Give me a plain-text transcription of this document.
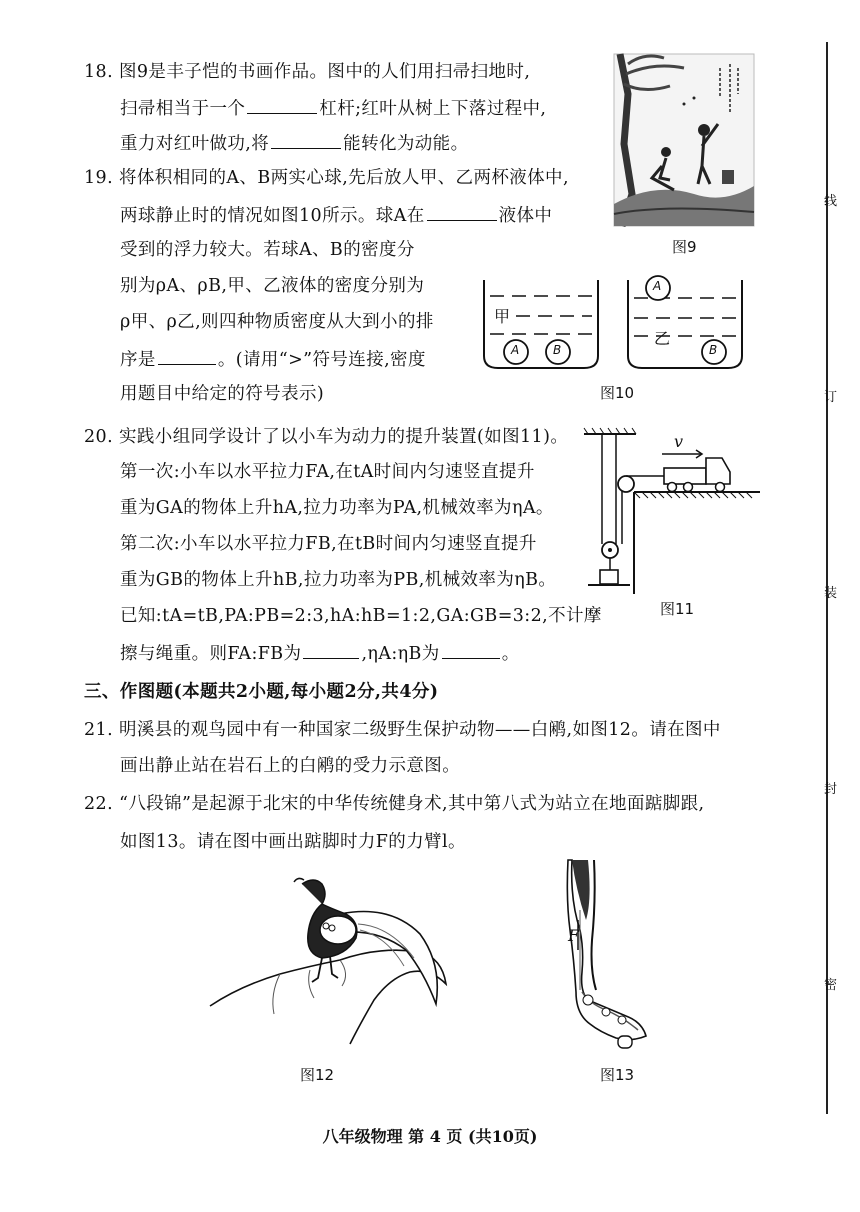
18. 图9是丰子恺的书画作品。图中的人们用扫帚扫地时,
扫帚相当于一个	杠杆;红叶从树上下落过程中,
重力对红叶做功,将	能转化为动能。
19. 将体积相同的A、B两实心球,先后放人甲、乙两杯液体中,
两球静止时的情况如图10所示。球A在	液体中
受到的浮力较大。若球A、B的密度分
别为ρA、ρB,甲、乙液体的密度分别为
ρ甲、ρ乙,则四种物质密度从大到小的排
序是	。(请用“>”符号连接,密度
用题目中给定的符号表示)
20. 实践小组同学设计了以小车为动力的提升装置(如图11)。
第一次:小车以水平拉力FA,在tA时间内匀速竖直提升
重为GA的物体上升hA,拉力功率为PA,机械效率为ηA。
第二次:小车以水平拉力FB,在tB时间内匀速竖直提升
重为GB的物体上升hB,拉力功率为PB,机械效率为ηB。
已知:tA=tB,PA:PB=2:3,hA:hB=1:2,GA:GB=3:2,不计摩
擦与绳重。则FA:FB为	,ηA:ηB为	。
三、作图题(本题共2小题,每小题2分,共4分)
21. 明溪县的观鸟园中有一种国家二级野生保护动物——白鹇,如图12。请在图中
画出静止站在岩石上的白鹇的受力示意图。
22. “八段锦”是起源于北宋的中华传统健身术,其中第八式为站立在地面踮脚跟,
如图13。请在图中画出踮脚时力F的力臂l。
图9
甲
乙
A	B
A
B
图10
v
图11
图12
F
图13
线
订
装
封
密
八年级物理 第 4 页 (共10页)
